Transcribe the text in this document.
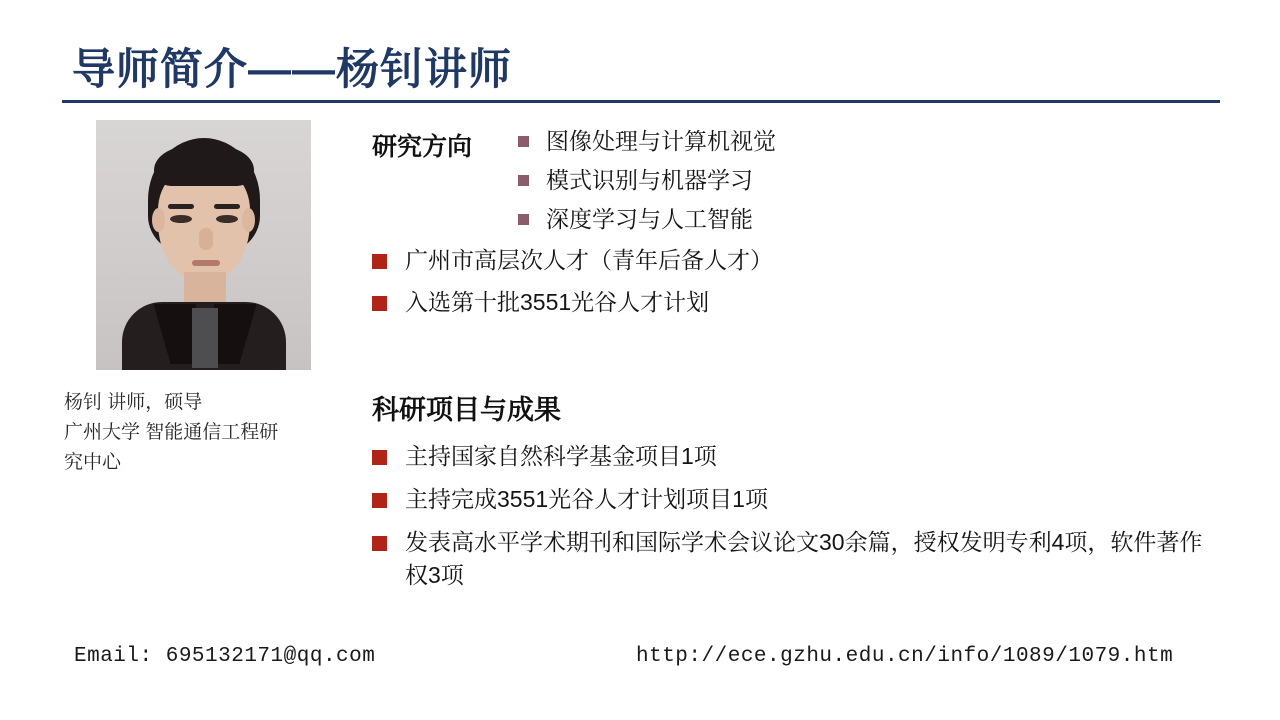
导师简介——杨钊讲师
杨钊 讲师，硕导
广州大学 智能通信工程研
究中心
研究方向	图像处理与计算机视觉
模式识别与机器学习
深度学习与人工智能
广州市高层次人才（青年后备人才）
入选第十批3551光谷人才计划
科研项目与成果
主持国家自然科学基金项目1项
主持完成3551光谷人才计划项目1项
发表高水平学术期刊和国际学术会议论文30余篇，授权发明专利4项，软件著作权3项
Email: 695132171@qq.com	http://ece.gzhu.edu.cn/info/1089/1079.htm
